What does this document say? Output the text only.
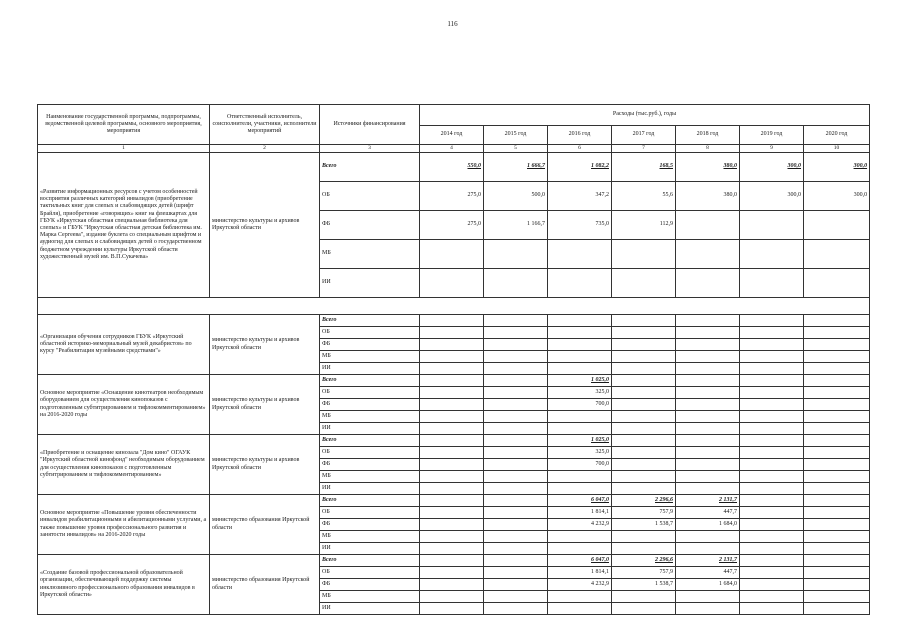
116
Наименование государственной программы, подпрограммы, ведомственной целевой программы, основного мероприятия, мероприятия	Ответственный исполнитель, соисполнители, участники, исполнители мероприятий	Источники финансирования	Расходы (тыс.руб.), годы						
			2014 год	2015 год	2016 год	2017 год	2018 год	2019 год	2020 год
1	2	3	4	5	6	7	8	9	10
«Развитие информационных ресурсов с учетом особенностей восприятия различных категорий инвалидов (приобретение тактильных книг для слепых и слабовидящих детей (шрифт Брайля), приобретение «говорящих» книг на флешкартах для ГБУК «Иркутская областная специальная библиотека для слепых» и ГБУК "Иркутская областная детская библиотека им. Марка Сергеева", издание буклета со специальным шрифтом и аудиогид для слепых и слабовидящих детей о государственном бюджетном учреждении культуры Иркутской области художественный музей им. В.П.Сукачева»	министерство культуры и архивов Иркутской области	Всего	550,0	1 666,7	1 082,2	168,5	380,0	300,0	300,0
		ОБ	275,0	500,0	347,2	55,6	380,0	300,0	300,0
		ФБ	275,0	1 166,7	735,0	112,9			
		МБ							
		ИИ							

«Организация обучения сотрудников ГБУК «Иркутский областной историко-мемориальный музей декабристов» по курсу "Реабилитация музейными средствами"»	министерство культуры и архивов Иркутской области	Всего							
		ОБ							
		ФБ							
		МБ							
		ИИ							
Основное мероприятие «Оснащение кинотеатров необходимым оборудованием для осуществления кинопоказов с подготовленным субтитрированием и тифлокомментированием» на 2016-2020 годы	министерство культуры и архивов Иркутской области	Всего			1 025,0				
		ОБ			325,0				
		ФБ			700,0				
		МБ							
		ИИ							
«Приобретение и оснащение кинозала "Дом кино" ОГАУК "Иркутский областной кинофонд" необходимым оборудованием для осуществления кинопоказов с подготовленным субтитрированием и тифлокомментированием»	министерство культуры и архивов Иркутской области	Всего			1 025,0				
		ОБ			325,0				
		ФБ			700,0				
		МБ							
		ИИ							
Основное мероприятие «Повышение уровня обеспеченности инвалидов реабилитационными и абилитационными услугами, а также повышение уровня профессионального развития и занятости инвалидов» на 2016-2020 годы	министерство образования Иркутской области	Всего			6 047,0	2 296,6	2 131,7		
		ОБ			1 814,1	757,9	447,7		
		ФБ			4 232,9	1 538,7	1 684,0		
		МБ							
		ИИ							
«Создание базовой профессиональной образовательной организации, обеспечивающей поддержку системы инклюзивного профессионального образования инвалидов в Иркутской области»	министерство образования Иркутской области	Всего			6 047,0	2 296,6	2 131,7		
		ОБ			1 814,1	757,9	447,7		
		ФБ			4 232,9	1 538,7	1 684,0		
		МБ							
		ИИ							
